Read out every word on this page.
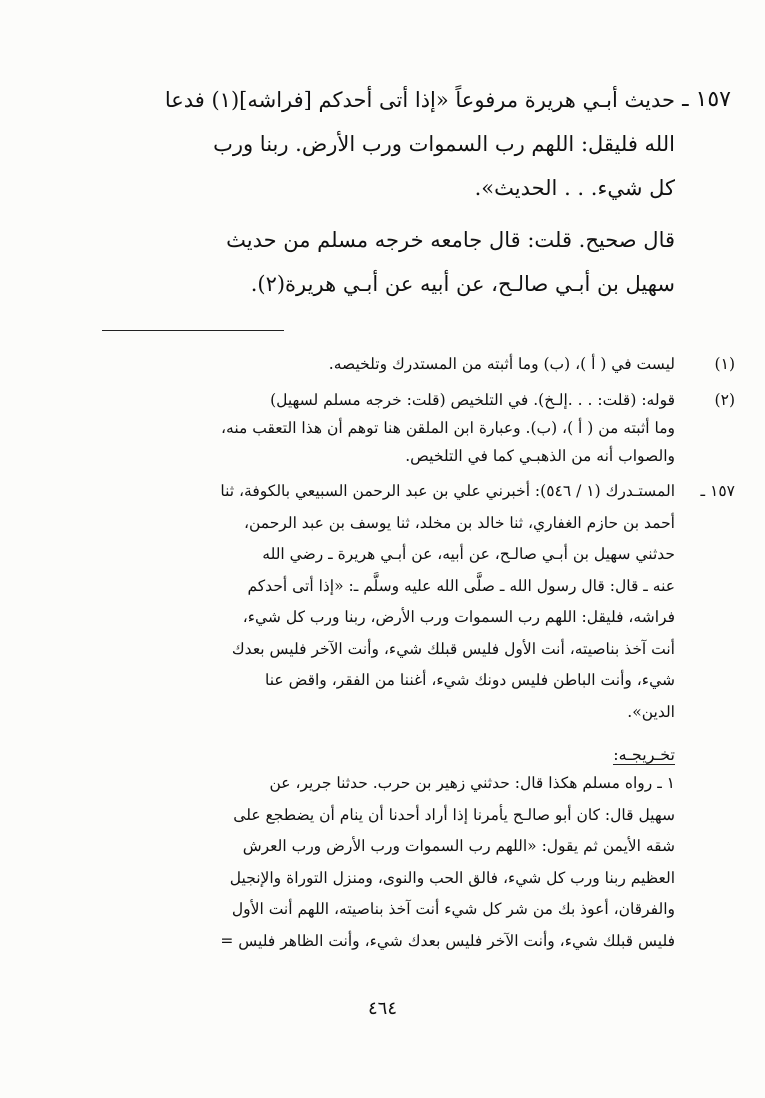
١٥٧ ـ
حديث أبـي هريرة مرفوعاً «إذا أتى أحدكم [فراشه](١) فدعا

الله فليقل: اللهم رب السموات ورب الأرض. ربنا ورب

كل شيء. . . الحديث».

قال صحيح. قلت: قال جامعه خرجه مسلم من حديث

سهيل بن أبـي صالـح، عن أبيه عن أبـي هريرة(٢).

(١)
ليست في ( أ )، (ب) وما أثبته من المستدرك وتلخيصه.
(٢)
قوله: (قلت: . . .إلـخ). في التلخيص (قلت: خرجه مسلم لسهيل)
وما أثبته من ( أ )، (ب). وعبارة ابن الملقن هنا توهم أن هذا التعقب منه،
والصواب أنه من الذهبـي كما في التلخيص.
١٥٧ ـ
المستـدرك (١ / ٥٤٦): أخبرني علي بن عبد الرحمن السبيعي بالكوفة، ثنا
أحمد بن حازم الغفاري، ثنا خالد بن مخلد، ثنا يوسف بن عبد الرحمن،
حدثني سهيل بن أبـي صالـح، عن أبيه، عن أبـي هريرة ـ رضي الله
عنه ـ قال: قال رسول الله ـ صلَّى الله عليه وسلَّم ـ: «إذا أتى أحدكم
فراشه، فليقل: اللهم رب السموات ورب الأرض، ربنا ورب كل شيء،
أنت آخذ بناصيته، أنت الأول فليس قبلك شيء، وأنت الآخر فليس بعدك
شيء، وأنت الباطن فليس دونك شيء، أغننا من الفقر، واقض عنا
الدين».
تخـريجـه:
١ ـ رواه مسلم هكذا قال: حدثني زهير بن حرب. حدثنا جرير، عن
سهيل قال: كان أبو صالـح يأمرنا إذا أراد أحدنا أن ينام أن يضطجع على
شقه الأيمن ثم يقول: «اللهم رب السموات ورب الأرض ورب العرش
العظيم ربنا ورب كل شيء، فالق الحب والنوى، ومنزل التوراة والإنجيل
والفرقان، أعوذ بك من شر كل شيء أنت آخذ بناصيته، اللهم أنت الأول
فليس قبلك شيء، وأنت الآخر فليس بعدك شيء، وأنت الظاهر فليس =
٤٦٤
